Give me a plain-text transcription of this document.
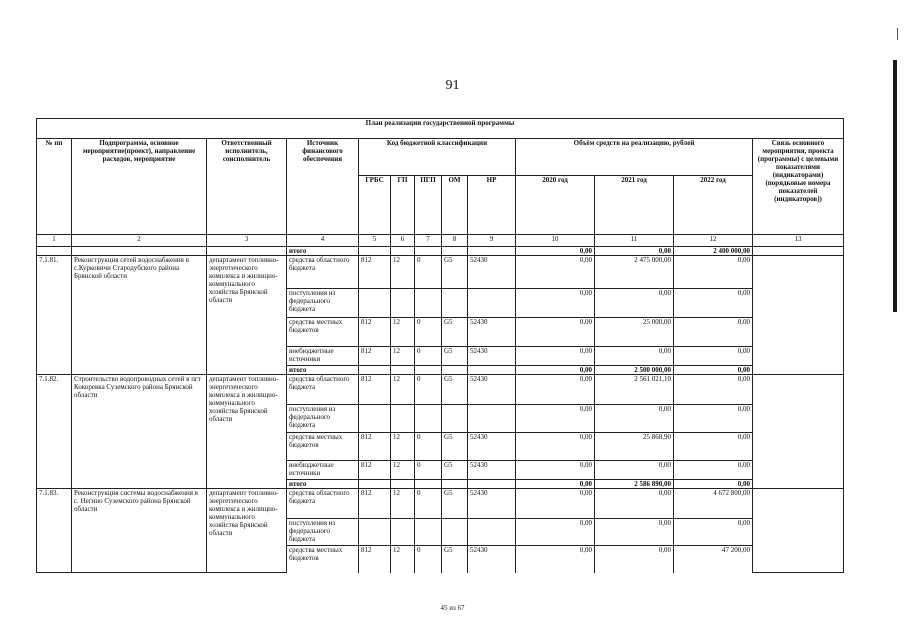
91
План реализации государственной программы												
№ пп	Подпрограмма, основное мероприятие(проект), направление расходов, мероприятие	Ответственный исполнитель, соисполнитель	Источник финансового обеспечения	Код бюджетной классификации					Объём средств на реализацию, рублей			Связь основного мероприятия, проекта (программы) с целевыми показателями (индикаторами) (порядковые номера показателей (индикаторов))
				ГРБС	ГП	ПГП	ОМ	НР	2020 год	2021 год	2022 год	
1	2	3	4	5	6	7	8	9	10	11	12	13
			итого						0,00	0,00	2 400 000,00	
7.1.81.	Реконструкция сетей водоснабжения в с.Курковичи Стародубского района Брянской области	департамент топливно-энергетического комплекса и жилищно-коммунального хозяйства Брянской области	средства областного бюджета	812	12	0	G5	52430	0,00	2 475 000,00	0,00	
			поступления из федерального бюджета						0,00	0,00	0,00	
			средства местных бюджетов	812	12	0	G5	52430	0,00	25 000,00	0,00	
			внебюджетные источники	812	12	0	G5	52430	0,00	0,00	0,00	
			итого						0,00	2 500 000,00	0,00	
7.1.82.	Строительство водопроводных сетей в пгт Кокоревка Суземского района Брянской области	департамент топливно-энергетического комплекса и жилищно-коммунального хозяйства Брянской области	средства областного бюджета	812	12	0	G5	52430	0,00	2 561 021,10	0,00	
			поступления из федерального бюджета						0,00	0,00	0,00	
			средства местных бюджетов	812	12	0	G5	52430	0,00	25 868,90	0,00	
			внебюджетные источники	812	12	0	G5	52430	0,00	0,00	0,00	
			итого						0,00	2 586 890,00	0,00	
7.1.83.	Реконструкция системы водоснабжения в с. Негино Суземского района Брянской области	департамент топливно-энергетического комплекса и жилищно-коммунального хозяйства Брянской области	средства областного бюджета	812	12	0	G5	52430	0,00	0,00	4 672 800,00	
			поступления из федерального бюджета						0,00	0,00	0,00	
			средства местных бюджетов	812	12	0	G5	52430	0,00	0,00	47 200,00	
45 из 67
